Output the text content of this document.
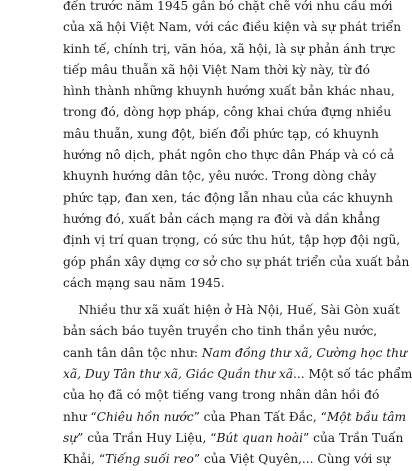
đến trước năm 1945 gắn bó chặt chẽ với nhu cầu mới
của xã hội Việt Nam, với các điều kiện và sự phát triển
kinh tế, chính trị, văn hóa, xã hội, là sự phản ánh trực
tiếp mâu thuẫn xã hội Việt Nam thời kỳ này, từ đó
hình thành những khuynh hướng xuất bản khác nhau,
trong đó, dòng hợp pháp, công khai chứa đựng nhiều
mâu thuẫn, xung đột, biến đổi phức tạp, có khuynh
hướng nô dịch, phát ngôn cho thực dân Pháp và có cả
khuynh hướng dân tộc, yêu nước. Trong dòng chảy
phức tạp, đan xen, tác động lẫn nhau của các khuynh
hướng đó, xuất bản cách mạng ra đời và dần khẳng
định vị trí quan trọng, có sức thu hút, tập hợp đội ngũ,
góp phần xây dựng cơ sở cho sự phát triển của xuất bản
cách mạng sau năm 1945.

Nhiều thư xã xuất hiện ở Hà Nội, Huế, Sài Gòn xuất
bản sách báo tuyên truyền cho tinh thần yêu nước,
canh tân dân tộc như: Nam đồng thư xã, Cường học thư
xã, Duy Tân thư xã, Giác Quần thư xã... Một số tác phẩm
của họ đã có một tiếng vang trong nhân dân hồi đó
như “Chiêu hồn nước” của Phan Tất Đắc, “Một bầu tâm
sự” của Trần Huy Liệu, “Bút quan hoài” của Trần Tuấn
Khải, “Tiếng suối reo” của Việt Quyên,... Cùng với sự
